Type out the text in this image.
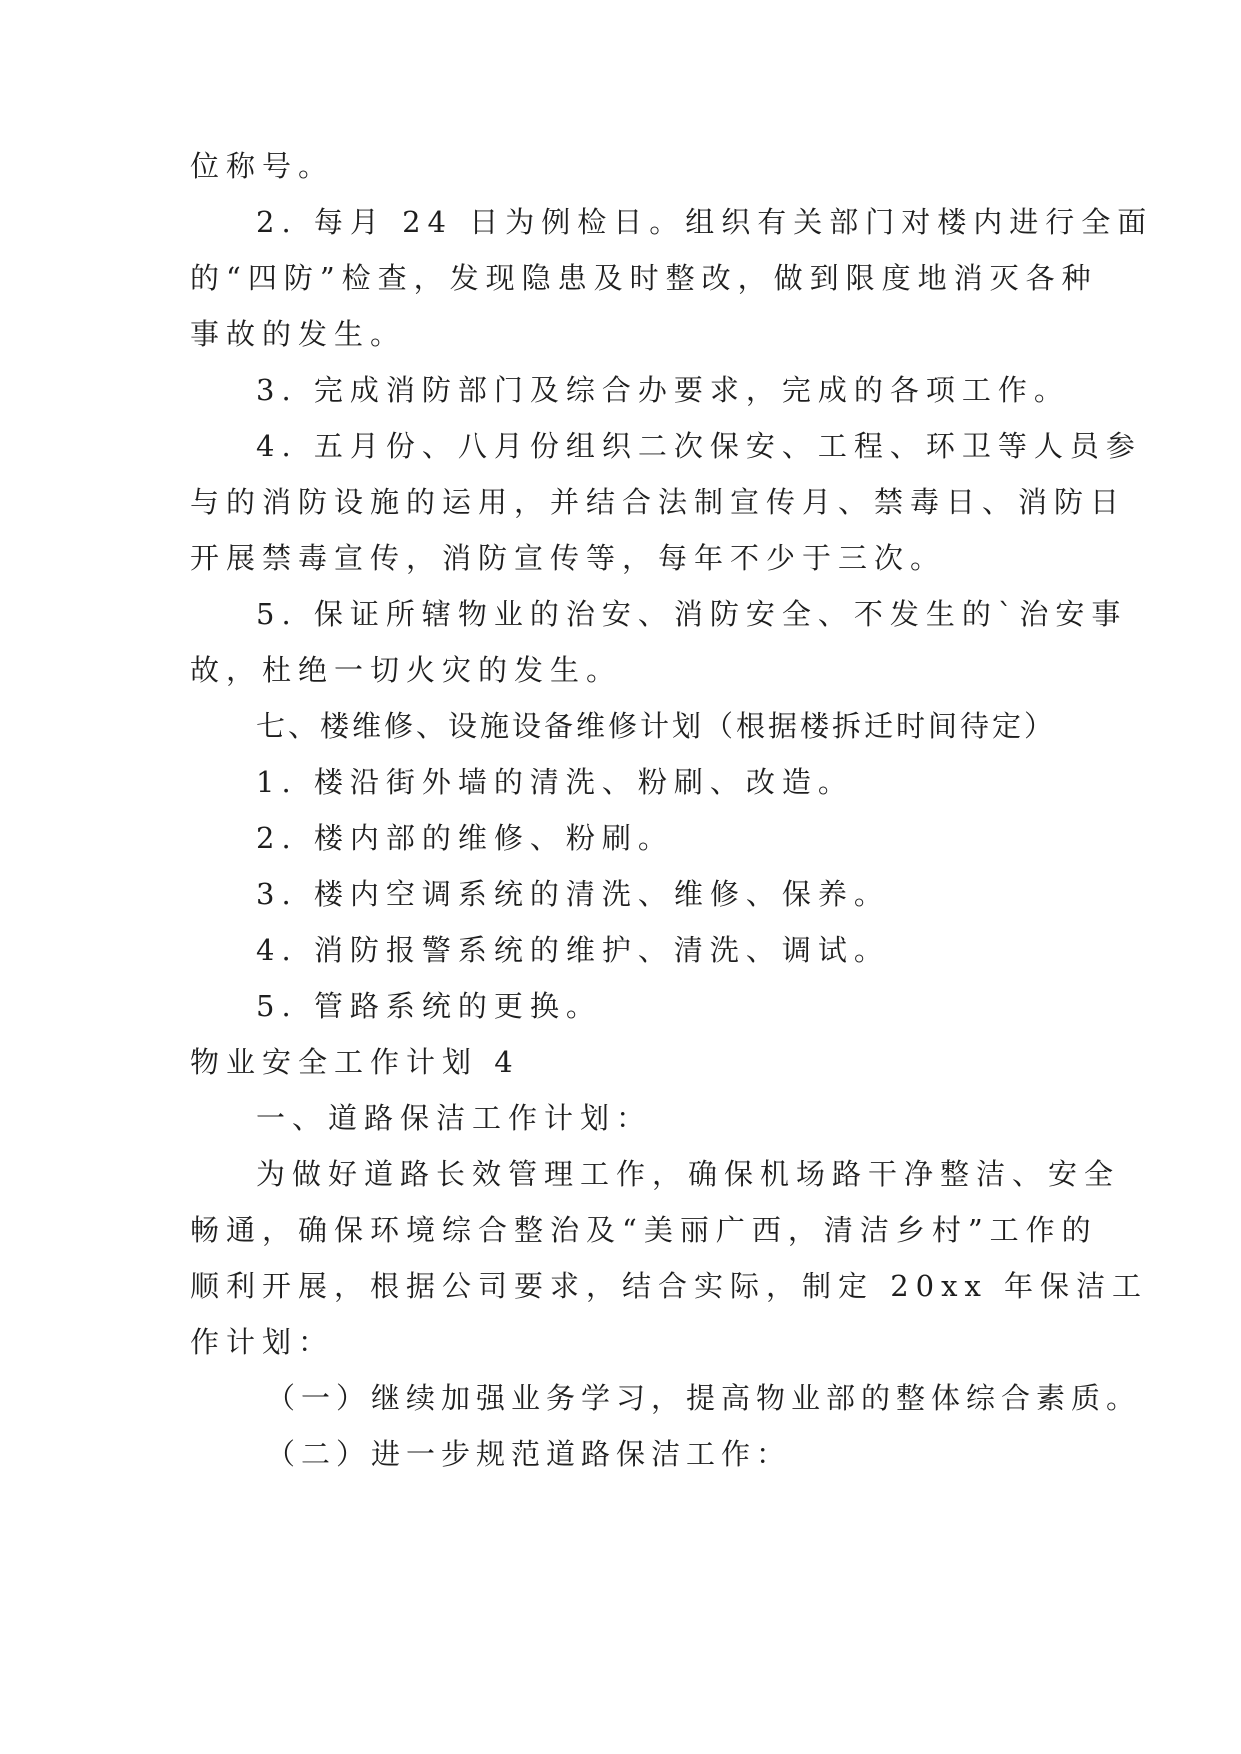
位称号。
2. 每月 24 日为例检日。组织有关部门对楼内进行全面
的“四防”检查，发现隐患及时整改，做到限度地消灭各种
事故的发生。
3. 完成消防部门及综合办要求，完成的各项工作。
4. 五月份、八月份组织二次保安、工程、环卫等人员参
与的消防设施的运用，并结合法制宣传月、禁毒日、消防日
开展禁毒宣传，消防宣传等，每年不少于三次。
5. 保证所辖物业的治安、消防安全、不发生的`治安事
故，杜绝一切火灾的发生。
七、楼维修、设施设备维修计划（根据楼拆迁时间待定）
1. 楼沿街外墙的清洗、粉刷、改造。
2. 楼内部的维修、粉刷。
3. 楼内空调系统的清洗、维修、保养。
4. 消防报警系统的维护、清洗、调试。
5. 管路系统的更换。
物业安全工作计划 4
一、道路保洁工作计划：
为做好道路长效管理工作，确保机场路干净整洁、安全
畅通，确保环境综合整治及“美丽广西，清洁乡村”工作的
顺利开展，根据公司要求，结合实际，制定 20xx 年保洁工
作计划：
（一）继续加强业务学习，提高物业部的整体综合素质。
（二）进一步规范道路保洁工作：
